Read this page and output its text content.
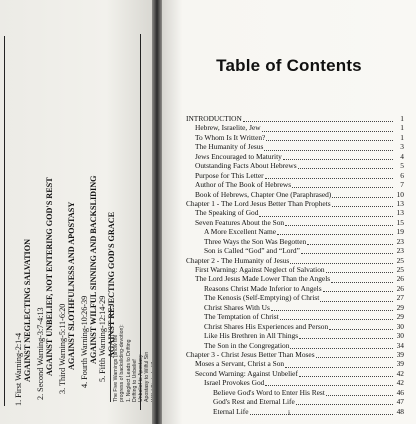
1. First Warning-2:1-4 AGAINST NEGLECTING SALVATION 2. Second Warning-3:7-4:13 AGAINST UNBELIEF, NOT ENTERING GOD'S REST 3. Third Warning-5:11-6:20 AGAINST SLOTHFULNESS AND APOSTASY 4. Fourth Warning-10:26-39 AGAINST WILFUL SINNING AND BACKSLIDING 5. Fifth Warning-12:14-29 AGAINST REJECTING GOD'S GRACE
The Five Warnings (show the progress of backsliding-devotion): 1. Neglect Leads to Drifting Drifting to Unbelief Unbelief to Apostasy Apostasy to Wilful Sin
Table of Contents
INTRODUCTION	1
Hebrew, Israelite, Jew	1
To Whom Is It Written?	1
The Humanity of Jesus	3
Jews Encouraged to Maturity	4
Outstanding Facts About Hebrews	5
Purpose for This Letter	6
Author of The Book of Hebrews	7
Book of Hebrews, Chapter One (Paraphrased)	10
Chapter 1 - The Lord Jesus Better Than Prophets	13
The Speaking of God	13
Seven Features About the Son	15
A More Excellent Name	19
Three Ways the Son Was Begotten	23
Son is Called “God” and “Lord”	23
Chapter 2 - The Humanity of Jesus	25
First Warning: Against Neglect of Salvation	25
The Lord Jesus Made Lower Than the Angels	26
Reasons Christ Made Inferior to Angels	26
The Kenosis (Self-Emptying) of Christ	27
Christ Shares With Us	29
The Temptation of Christ	29
Christ Shares His Experiences and Person	30
Like His Brethren in All Things	30
The Son in the Congregation	34
Chapter 3 - Christ Jesus Better Than Moses	39
Moses a Servant, Christ a Son	39
Second Warning: Against Unbelief	42
Israel Provokes God	42
Believe God's Word to Enter His Rest	46
God's Rest and Eternal Life	47
Eternal Life	48
i
